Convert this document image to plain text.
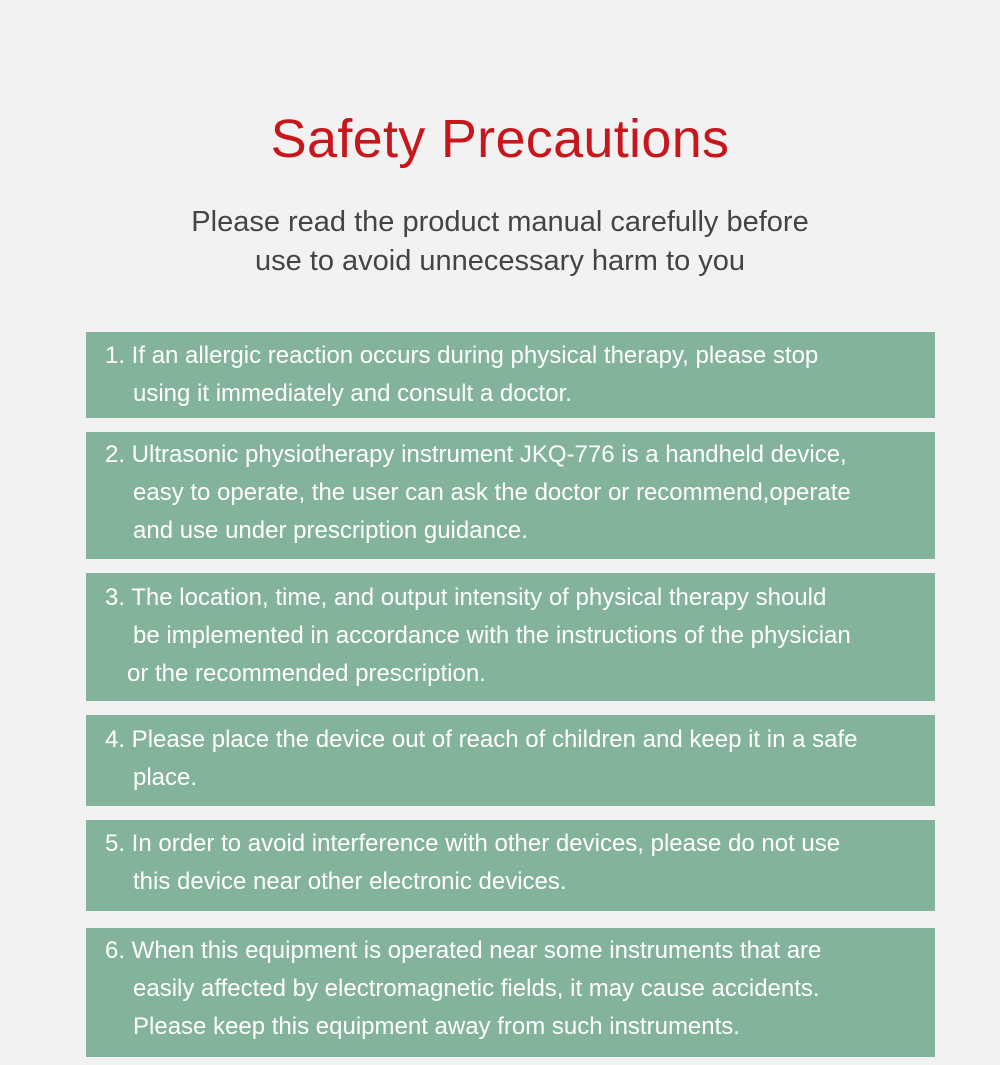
Safety Precautions
Please read the product manual carefully before
use to avoid unnecessary harm to you
1. If an allergic reaction occurs during physical therapy, please stop
using it immediately and consult a doctor.
2. Ultrasonic physiotherapy instrument JKQ-776 is a handheld device,
easy to operate, the user can ask the doctor or recommend,operate
and use under prescription guidance.
3. The location, time, and output intensity of physical therapy should
be implemented in accordance with the instructions of the physician
or the recommended prescription.
4. Please place the device out of reach of children and keep it in a safe
place.
5. In order to avoid interference with other devices, please do not use
this device near other electronic devices.
6. When this equipment is operated near some instruments that are
easily affected by electromagnetic fields, it may cause accidents.
Please keep this equipment away from such instruments.
